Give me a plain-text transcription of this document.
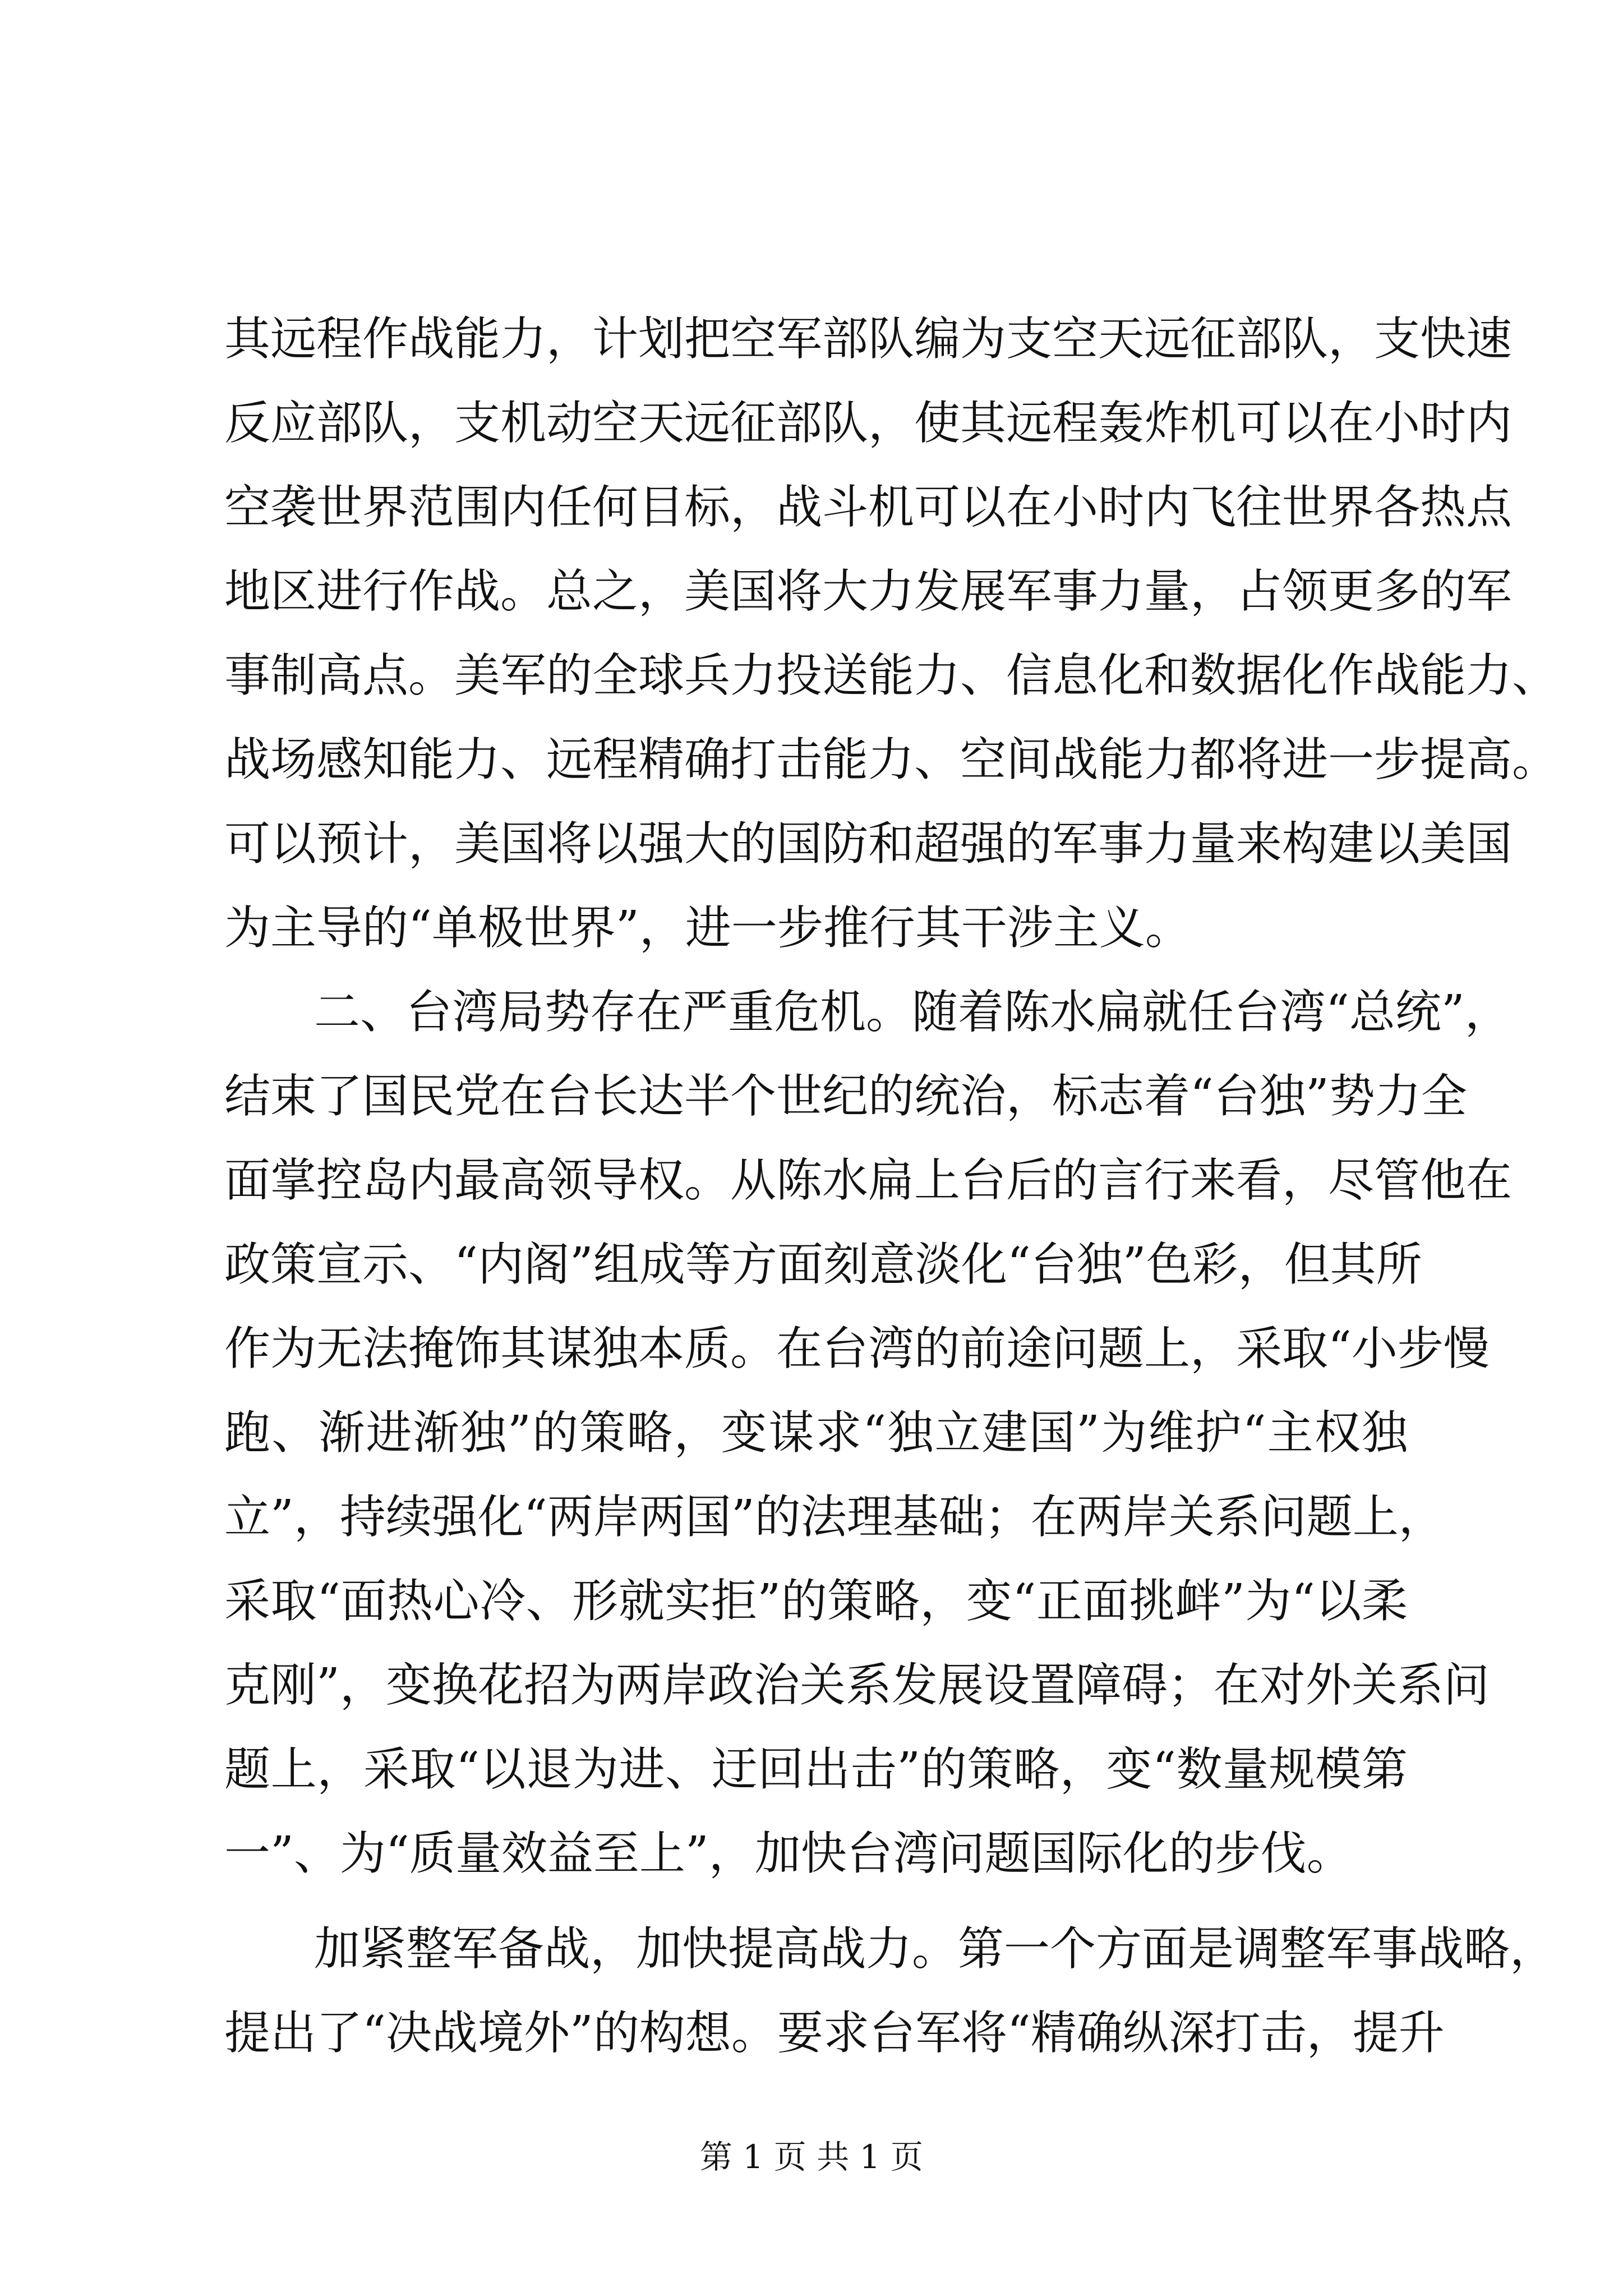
其远程作战能力，计划把空军部队编为支空天远征部队，支快速
反应部队，支机动空天远征部队，使其远程轰炸机可以在小时内
空袭世界范围内任何目标，战斗机可以在小时内飞往世界各热点
地区进行作战。总之，美国将大力发展军事力量，占领更多的军
事制高点。美军的全球兵力投送能力、信息化和数据化作战能力、
战场感知能力、远程精确打击能力、空间战能力都将进一步提高。
可以预计，美国将以强大的国防和超强的军事力量来构建以美国
为主导的“单极世界”，进一步推行其干涉主义。
二、台湾局势存在严重危机。随着陈水扁就任台湾“总统”，
结束了国民党在台长达半个世纪的统治，标志着“台独”势力全
面掌控岛内最高领导权。从陈水扁上台后的言行来看，尽管他在
政策宣示、“内阁”组成等方面刻意淡化“台独”色彩，但其所
作为无法掩饰其谋独本质。在台湾的前途问题上，采取“小步慢
跑、渐进渐独”的策略，变谋求“独立建国”为维护“主权独
立”，持续强化“两岸两国”的法理基础；在两岸关系问题上，
采取“面热心冷、形就实拒”的策略，变“正面挑衅”为“以柔
克刚”，变换花招为两岸政治关系发展设置障碍；在对外关系问
题上，采取“以退为进、迂回出击”的策略，变“数量规模第
一”、为“质量效益至上”，加快台湾问题国际化的步伐。
加紧整军备战，加快提高战力。第一个方面是调整军事战略，
提出了“决战境外”的构想。要求台军将“精确纵深打击，提升
第 1 页 共 1 页
